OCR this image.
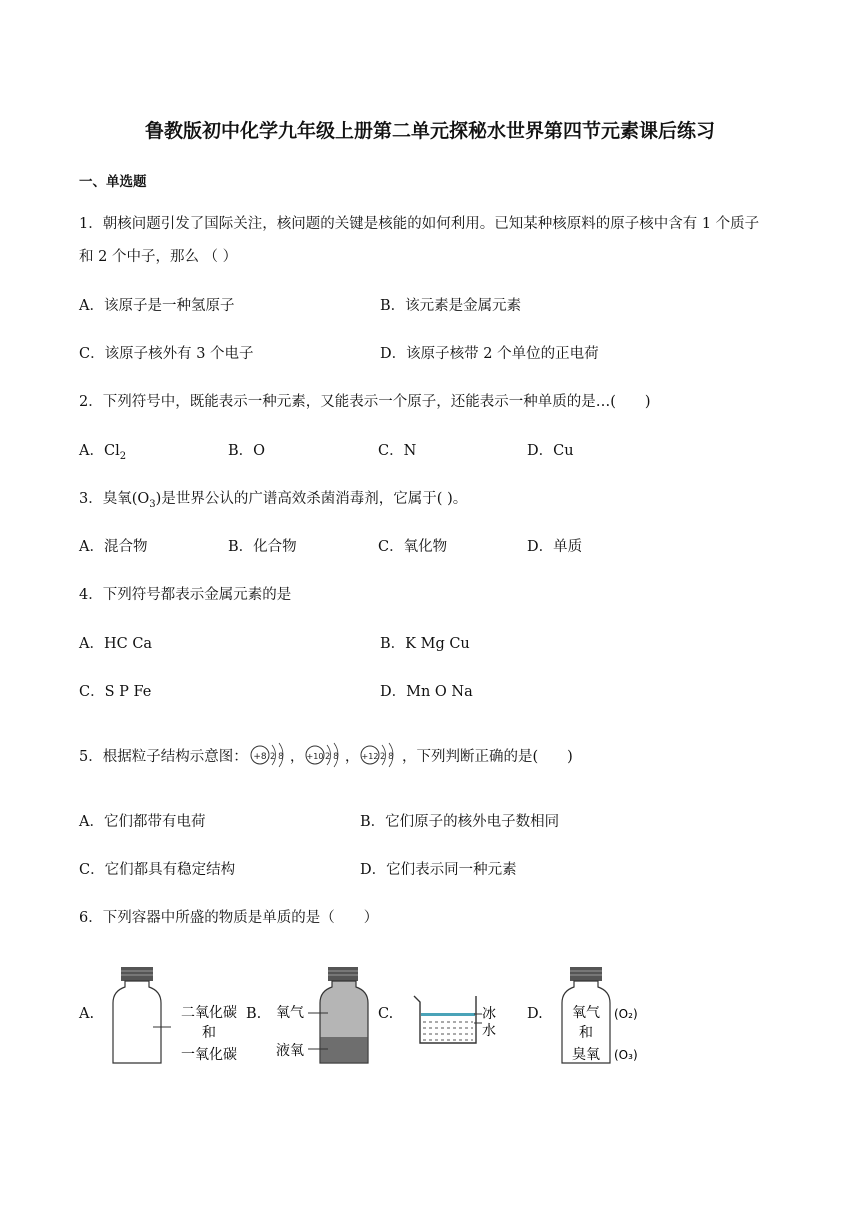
鲁教版初中化学九年级上册第二单元探秘水世界第四节元素课后练习
一、单选题
1．朝核问题引发了国际关注，核问题的关键是核能的如何利用。已知某种核原料的原子核中含有 1 个质子
和 2 个中子，那么 （ ）
A．该原子是一种氢原子	B．该元素是金属元素
C．该原子核外有 3 个电子	D．该原子核带 2 个单位的正电荷
2．下列符号中，既能表示一种元素，又能表示一个原子，还能表示一种单质的是…(　　)
A．$Cl_2$	B．O	C．N	D．Cu
3．臭氧$(O_3)$是世界公认的广谱高效杀菌消毒剂，它属于( )。
A．混合物	B．化合物	C．氧化物	D．单质
4．下列符号都表示金属元素的是
A．HC Ca	B．K Mg Cu
C．S P Fe	D．Mn O Na
5．根据粒子结构示意图： +8 2 8 ， +10 2 8 ， +12 2 8 ，下列判断正确的是(　　)
A．它们都带有电荷	B．它们原子的核外电子数相同
C．它们都具有稳定结构	D．它们表示同一种元素
6．下列容器中所盛的物质是单质的是（　　）
A.	二氧化碳
和
一氧化碳
B. 氧气
液氧
C.	冰
水
D. 氧气
和
臭氧
(O₂)
(O₃)
